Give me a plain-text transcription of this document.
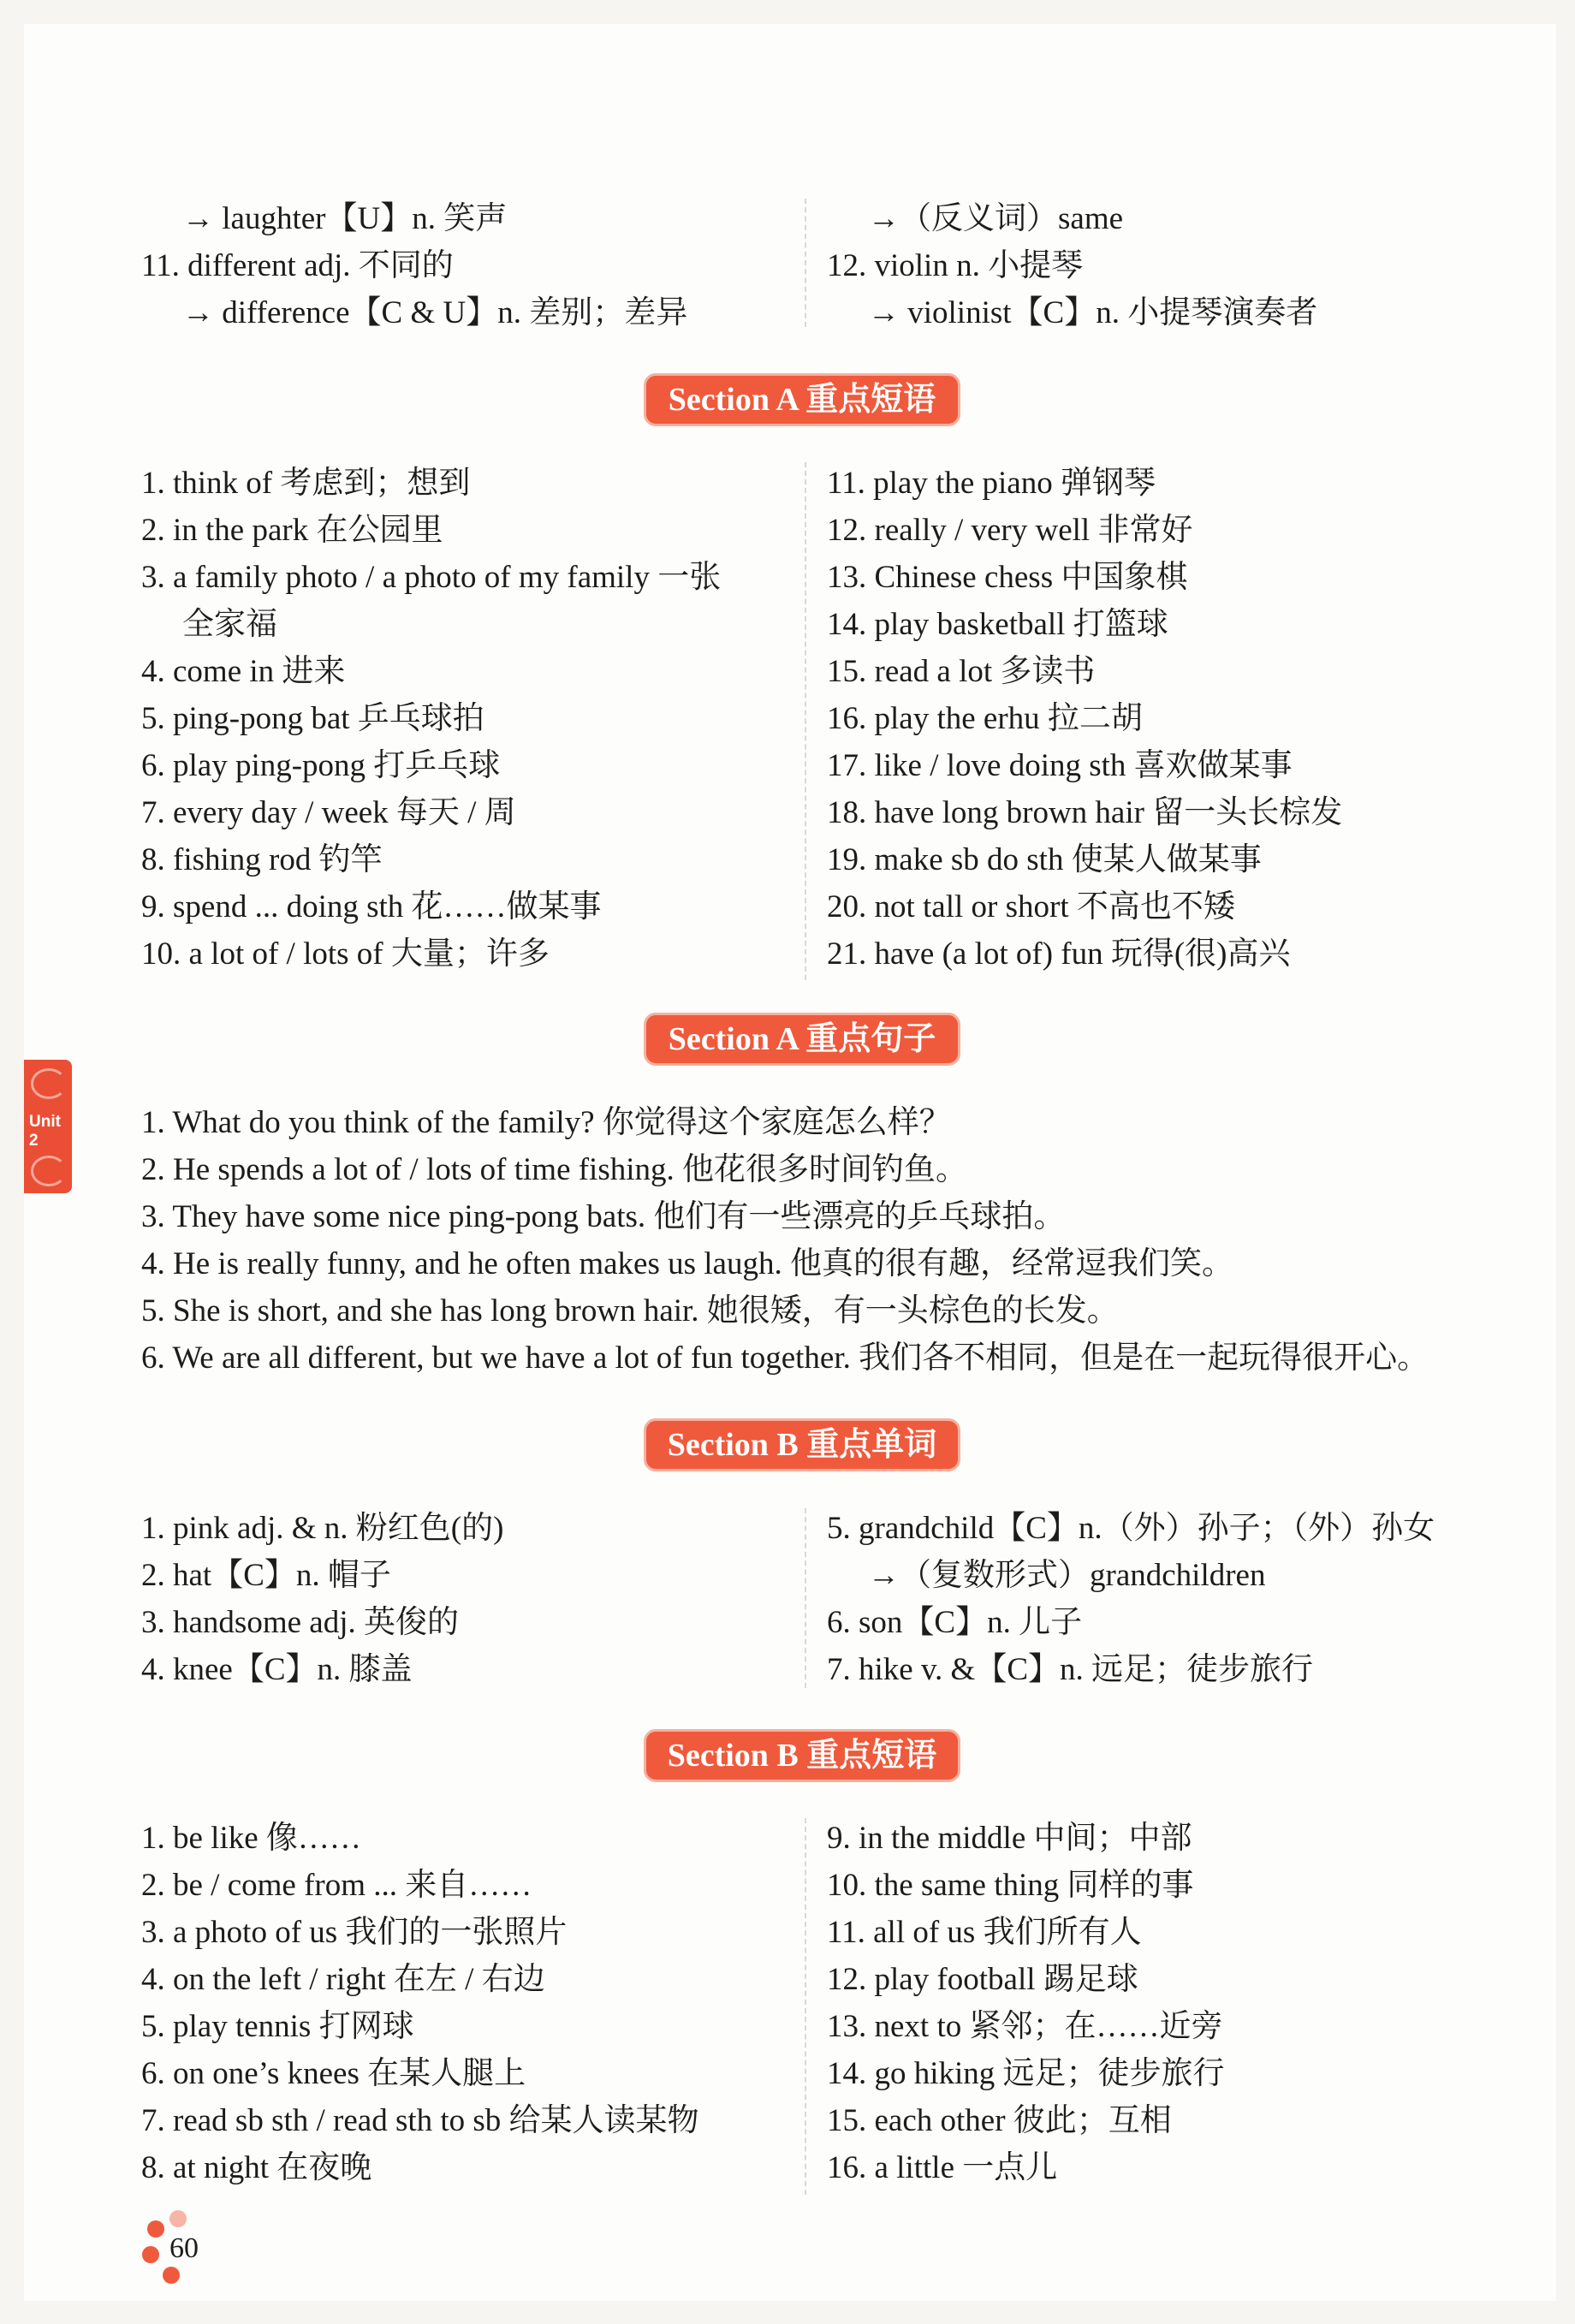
→ laughter【U】n. 笑声
11. different adj. 不同的
→ difference【C & U】n. 差别；差异
→（反义词）same
12. violin n. 小提琴
→ violinist【C】n. 小提琴演奏者
Section A 重点短语
1. think of 考虑到；想到
2. in the park 在公园里
3. a family photo / a photo of my family 一张
全家福
4. come in 进来
5. ping-pong bat 乒乓球拍
6. play ping-pong 打乒乓球
7. every day / week 每天 / 周
8. fishing rod 钓竿
9. spend ... doing sth 花……做某事
10. a lot of / lots of 大量；许多
11. play the piano 弹钢琴
12. really / very well 非常好
13. Chinese chess 中国象棋
14. play basketball 打篮球
15. read a lot 多读书
16. play the erhu 拉二胡
17. like / love doing sth 喜欢做某事
18. have long brown hair 留一头长棕发
19. make sb do sth 使某人做某事
20. not tall or short 不高也不矮
21. have (a lot of) fun 玩得(很)高兴
Section A 重点句子
1. What do you think of the family? 你觉得这个家庭怎么样？
2. He spends a lot of / lots of time fishing. 他花很多时间钓鱼。
3. They have some nice ping-pong bats. 他们有一些漂亮的乒乓球拍。
4. He is really funny, and he often makes us laugh. 他真的很有趣，经常逗我们笑。
5. She is short, and she has long brown hair. 她很矮，有一头棕色的长发。
6. We are all different, but we have a lot of fun together. 我们各不相同，但是在一起玩得很开心。
Section B 重点单词
1. pink adj. & n. 粉红色(的)
2. hat【C】n. 帽子
3. handsome adj. 英俊的
4. knee【C】n. 膝盖
5. grandchild【C】n.（外）孙子；（外）孙女
→（复数形式）grandchildren
6. son【C】n. 儿子
7. hike v. &【C】n. 远足；徒步旅行
Section B 重点短语
1. be like 像……
2. be / come from ... 来自……
3. a photo of us 我们的一张照片
4. on the left / right 在左 / 右边
5. play tennis 打网球
6. on one’s knees 在某人腿上
7. read sb sth / read sth to sb 给某人读某物
8. at night 在夜晚
9. in the middle 中间；中部
10. the same thing 同样的事
11. all of us 我们所有人
12. play football 踢足球
13. next to 紧邻；在……近旁
14. go hiking 远足；徒步旅行
15. each other 彼此；互相
16. a little 一点儿
Unit 2
60
